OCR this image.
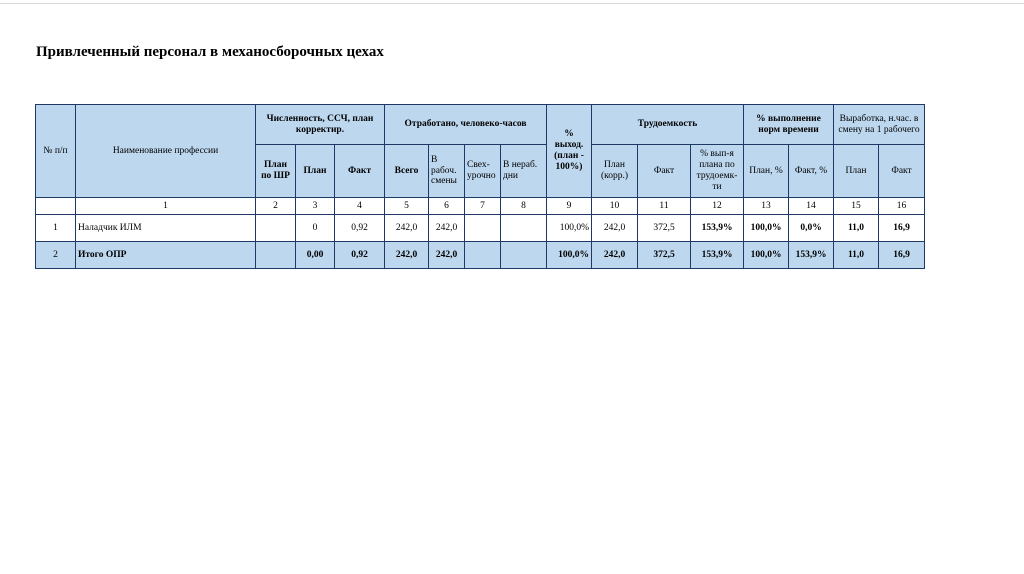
Привлеченный персонал в механосборочных цехах
№ п/п	Наименование профессии	Численность, ССЧ, план корректир.			Отработано, человеко-часов				% выход. (план - 100%)	Трудоемкость			% выполнение норм времени		Выработка, н.час. в смену на 1 рабочего	
		План по ШР	План	Факт	Всего	В рабоч. смены	Свех-урочно	В нераб. дни		План (корр.)	Факт	% вып-я плана по трудоемк-ти	План, %	Факт, %	План	Факт
	1	2	3	4	5	6	7	8	9	10	11	12	13	14	15	16
1	Наладчик ИЛМ		0	0,92	242,0	242,0			100,0%	242,0	372,5	153,9%	100,0%	0,0%	11,0	16,9
2	Итого ОПР		0,00	0,92	242,0	242,0			100,0%	242,0	372,5	153,9%	100,0%	153,9%	11,0	16,9
